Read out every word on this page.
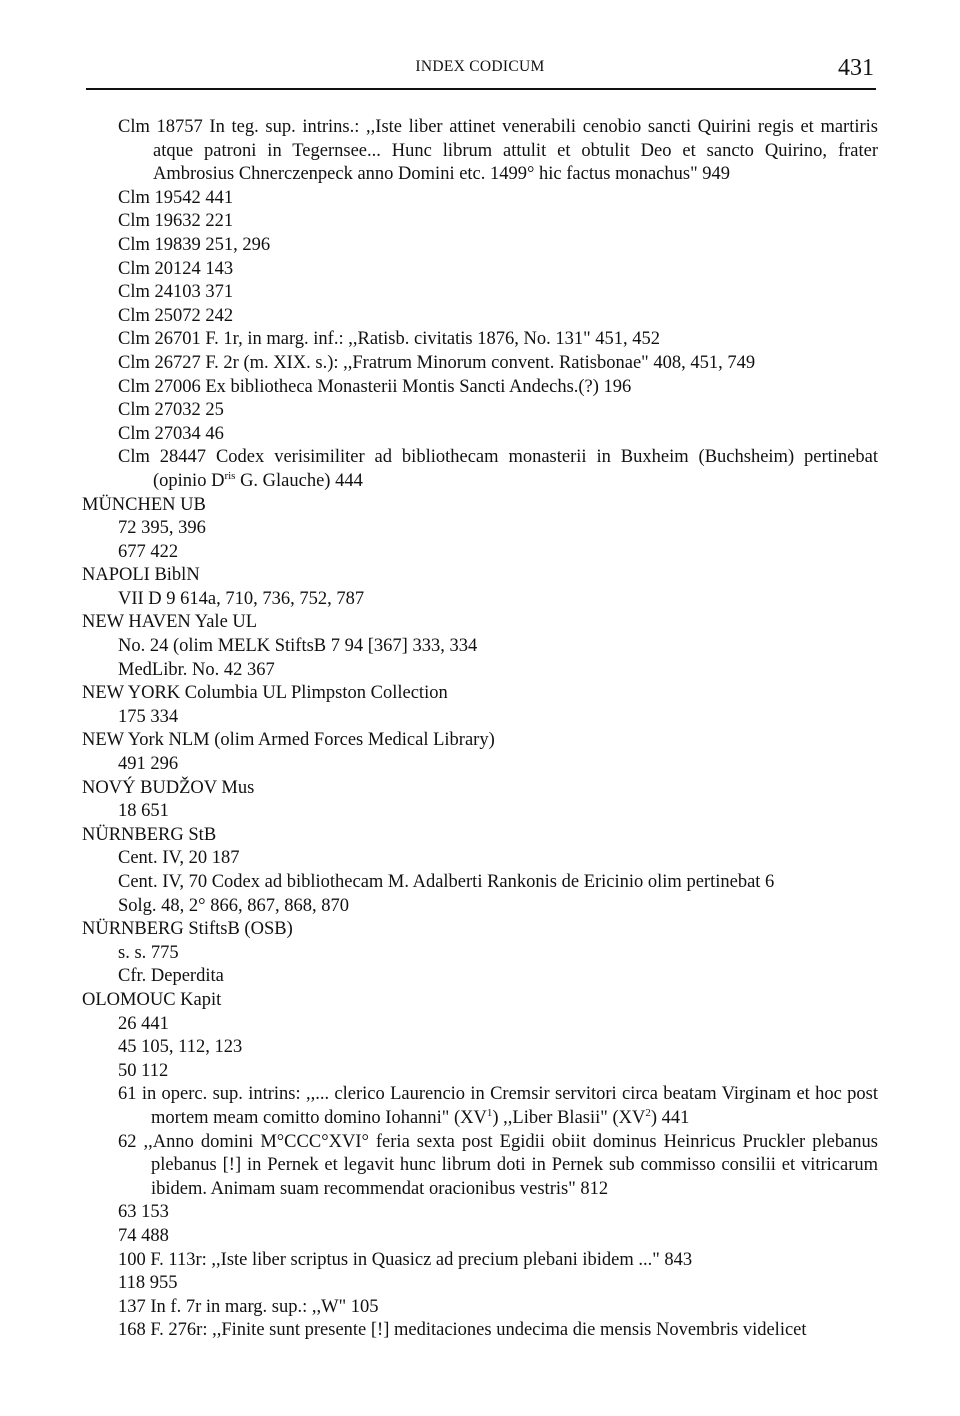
INDEX CODICUM	431

Clm 18757 In teg. sup. intrins.: ,,Iste liber attinet venerabili cenobio sancti Quirini regis et martiris atque patroni in Tegernsee... Hunc librum attulit et obtulit Deo et sancto Quirino, frater Ambrosius Chnerczenpeck anno Domini etc. 1499° hic factus monachus" 949

Clm 19542 441

Clm 19632 221

Clm 19839 251, 296

Clm 20124 143

Clm 24103 371

Clm 25072 242

Clm 26701 F. 1r, in marg. inf.: ,,Ratisb. civitatis 1876, No. 131" 451, 452

Clm 26727 F. 2r (m. XIX. s.): ,,Fratrum Minorum convent. Ratisbonae" 408, 451, 749

Clm 27006 Ex bibliotheca Monasterii Montis Sancti Andechs.(?) 196

Clm 27032 25

Clm 27034 46

Clm 28447 Codex verisimiliter ad bibliothecam monasterii in Buxheim (Buchsheim) pertinebat (opinio $D^{ris}$ G. Glauche) 444

MÜNCHEN UB

72 395, 396

677 422

NAPOLI BiblN

VII D 9 614a, 710, 736, 752, 787

NEW HAVEN Yale UL

No. 24 (olim MELK StiftsB 7 94 [367] 333, 334

MedLibr. No. 42 367

NEW YORK Columbia UL Plimpston Collection

175 334

NEW York NLM (olim Armed Forces Medical Library)

491 296

NOVÝ BUDŽOV Mus

18 651

NÜRNBERG StB

Cent. IV, 20 187

Cent. IV, 70 Codex ad bibliothecam M. Adalberti Rankonis de Ericinio olim pertinebat 6

Solg. 48, 2° 866, 867, 868, 870

NÜRNBERG StiftsB (OSB)

s. s. 775

Cfr. Deperdita

OLOMOUC Kapit

26 441

45 105, 112, 123

50 112

61 in operc. sup. intrins: ,,... clerico Laurencio in Cremsir servitori circa beatam Virginam et hoc post mortem meam comitto domino Iohanni" $(XV^1)$ ,,Liber Blasii" $(XV^2)$ 441

62 ,,Anno domini M°CCC°XVI° feria sexta post Egidii obiit dominus Heinricus Pruckler plebanus plebanus [!] in Pernek et legavit hunc librum doti in Pernek sub commisso consilii et vitricarum ibidem. Animam suam recommendat oracionibus vestris" 812

63 153

74 488

100 F. 113r: ,,Iste liber scriptus in Quasicz ad precium plebani ibidem ..." 843

118 955

137 In f. 7r in marg. sup.: ,,W" 105

168 F. 276r: ,,Finite sunt presente [!] meditaciones undecima die mensis Novembris videlicet
